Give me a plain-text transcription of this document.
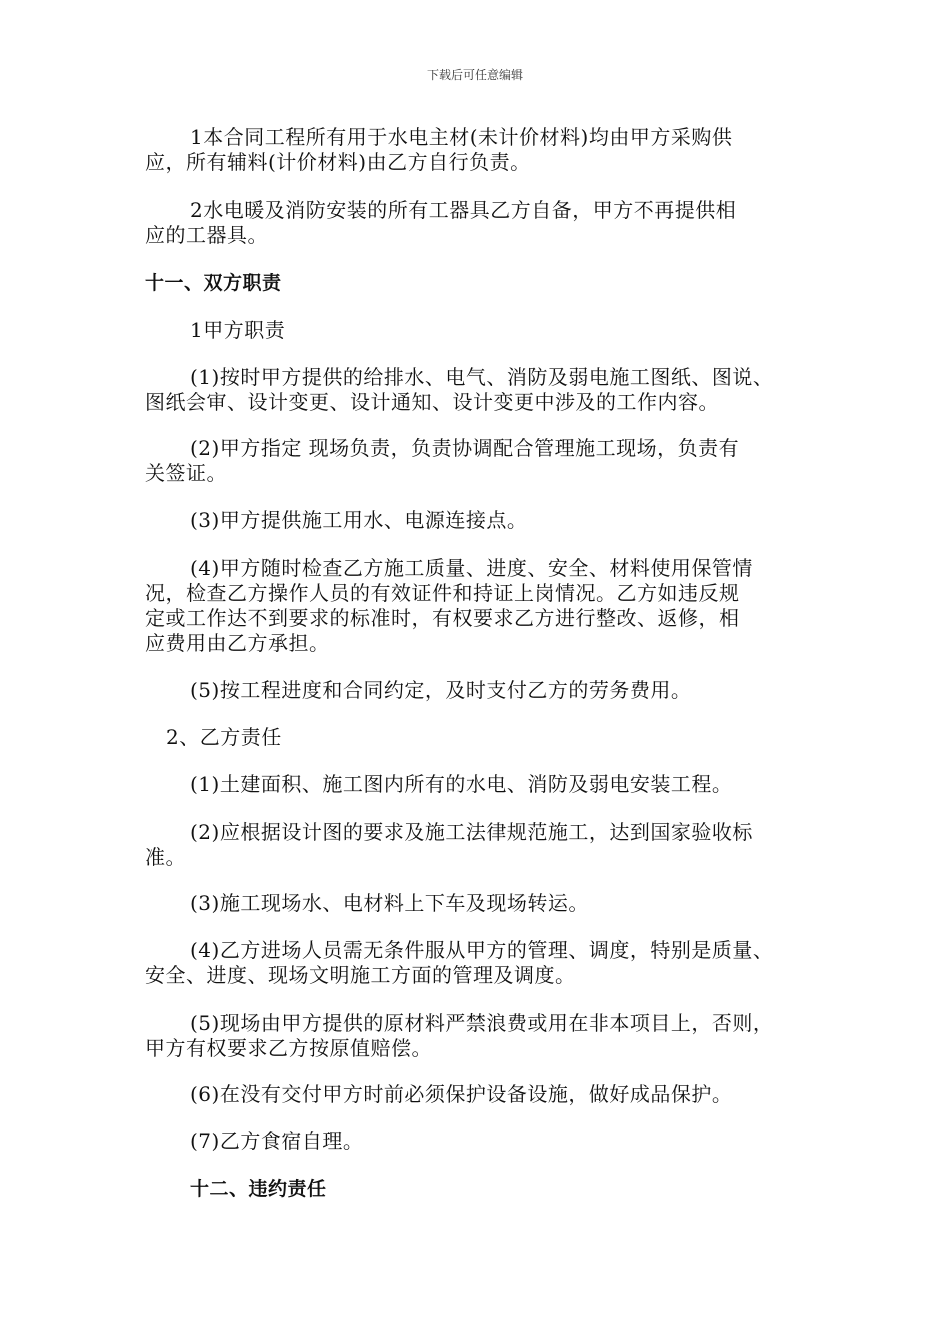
下载后可任意编辑
1本合同工程所有用于水电主材(未计价材料)均由甲方采购供
应，所有辅料(计价材料)由乙方自行负责。
2水电暖及消防安装的所有工器具乙方自备，甲方不再提供相
应的工器具。
十一、双方职责
1甲方职责
(1)按时甲方提供的给排水、电气、消防及弱电施工图纸、图说、
图纸会审、设计变更、设计通知、设计变更中涉及的工作内容。
(2)甲方指定 现场负责，负责协调配合管理施工现场，负责有
关签证。
(3)甲方提供施工用水、电源连接点。
(4)甲方随时检查乙方施工质量、进度、安全、材料使用保管情
况，检查乙方操作人员的有效证件和持证上岗情况。乙方如违反规
定或工作达不到要求的标准时，有权要求乙方进行整改、返修，相
应费用由乙方承担。
(5)按工程进度和合同约定，及时支付乙方的劳务费用。
2、乙方责任
(1)土建面积、施工图内所有的水电、消防及弱电安装工程。
(2)应根据设计图的要求及施工法律规范施工，达到国家验收标
准。
(3)施工现场水、电材料上下车及现场转运。
(4)乙方进场人员需无条件服从甲方的管理、调度，特别是质量、
安全、进度、现场文明施工方面的管理及调度。
(5)现场由甲方提供的原材料严禁浪费或用在非本项目上，否则，
甲方有权要求乙方按原值赔偿。
(6)在没有交付甲方时前必须保护设备设施，做好成品保护。
(7)乙方食宿自理。
十二、违约责任
